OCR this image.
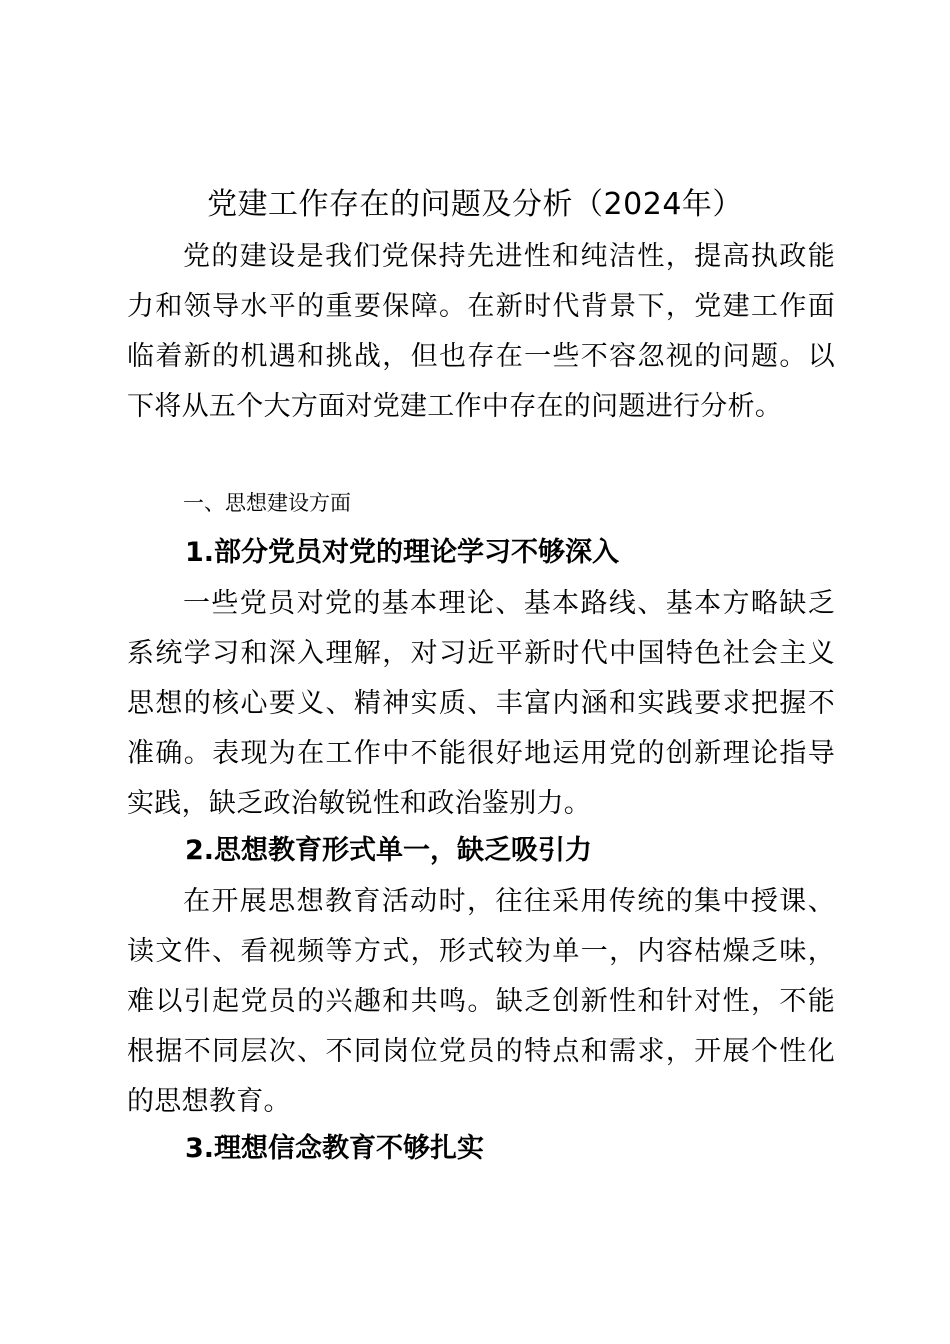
党建工作存在的问题及分析（2024年）

党的建设是我们党保持先进性和纯洁性，提高执政能力和领导水平的重要保障。在新时代背景下，党建工作面临着新的机遇和挑战，但也存在一些不容忽视的问题。以下将从五个大方面对党建工作中存在的问题进行分析。

一、思想建设方面
1.部分党员对党的理论学习不够深入

一些党员对党的基本理论、基本路线、基本方略缺乏系统学习和深入理解，对习近平新时代中国特色社会主义思想的核心要义、精神实质、丰富内涵和实践要求把握不准确。表现为在工作中不能很好地运用党的创新理论指导实践，缺乏政治敏锐性和政治鉴别力。

2.思想教育形式单一，缺乏吸引力

在开展思想教育活动时，往往采用传统的集中授课、读文件、看视频等方式，形式较为单一，内容枯燥乏味，难以引起党员的兴趣和共鸣。缺乏创新性和针对性，不能根据不同层次、不同岗位党员的特点和需求，开展个性化的思想教育。

3.理想信念教育不够扎实
